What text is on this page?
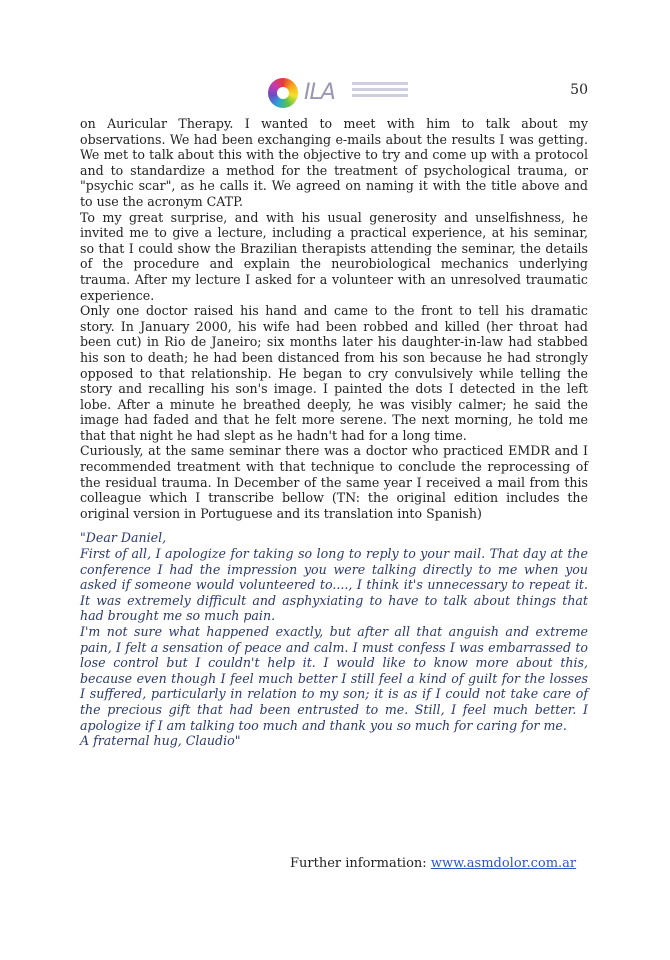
ILA	50

on Auricular Therapy. I wanted to meet with him to talk about my observations. We had been exchanging e-mails about the results I was getting. We met to talk about this with the objective to try and come up with a protocol and to standardize a method for the treatment of psychological trauma, or "psychic scar", as he calls it. We agreed on naming it with the title above and to use the acronym CATP.

To my great surprise, and with his usual generosity and unselfishness, he invited me to give a lecture, including a practical experience, at his seminar, so that I could show the Brazilian therapists attending the seminar, the details of the procedure and explain the neurobiological mechanics underlying trauma. After my lecture I asked for a volunteer with an unresolved traumatic experience.

Only one doctor raised his hand and came to the front to tell his dramatic story. In January 2000, his wife had been robbed and killed (her throat had been cut) in Rio de Janeiro; six months later his daughter-in-law had stabbed his son to death; he had been distanced from his son because he had strongly opposed to that relationship. He began to cry convulsively while telling the story and recalling his son's image. I painted the dots I detected in the left lobe. After a minute he breathed deeply, he was visibly calmer; he said the image had faded and that he felt more serene. The next morning, he told me that that night he had slept as he hadn't had for a long time.

Curiously, at the same seminar there was a doctor who practiced EMDR and I recommended treatment with that technique to conclude the reprocessing of the residual trauma. In December of the same year I received a mail from this colleague which I transcribe bellow (TN: the original edition includes the original version in Portuguese and its translation into Spanish)

"Dear Daniel,

First of all, I apologize for taking so long to reply to your mail. That day at the conference I had the impression you were talking directly to me when you asked if someone would volunteered to...., I think it's unnecessary to repeat it. It was extremely difficult and asphyxiating to have to talk about things that had brought me so much pain.

I'm not sure what happened exactly, but after all that anguish and extreme pain, I felt a sensation of peace and calm. I must confess I was embarrassed to lose control but I couldn't help it. I would like to know more about this, because even though I feel much better I still feel a kind of guilt for the losses I suffered, particularly in relation to my son; it is as if I could not take care of the precious gift that had been entrusted to me. Still, I feel much better. I apologize if I am talking too much and thank you so much for caring for me.

A fraternal hug, Claudio"

Further information: www.asmdolor.com.ar
